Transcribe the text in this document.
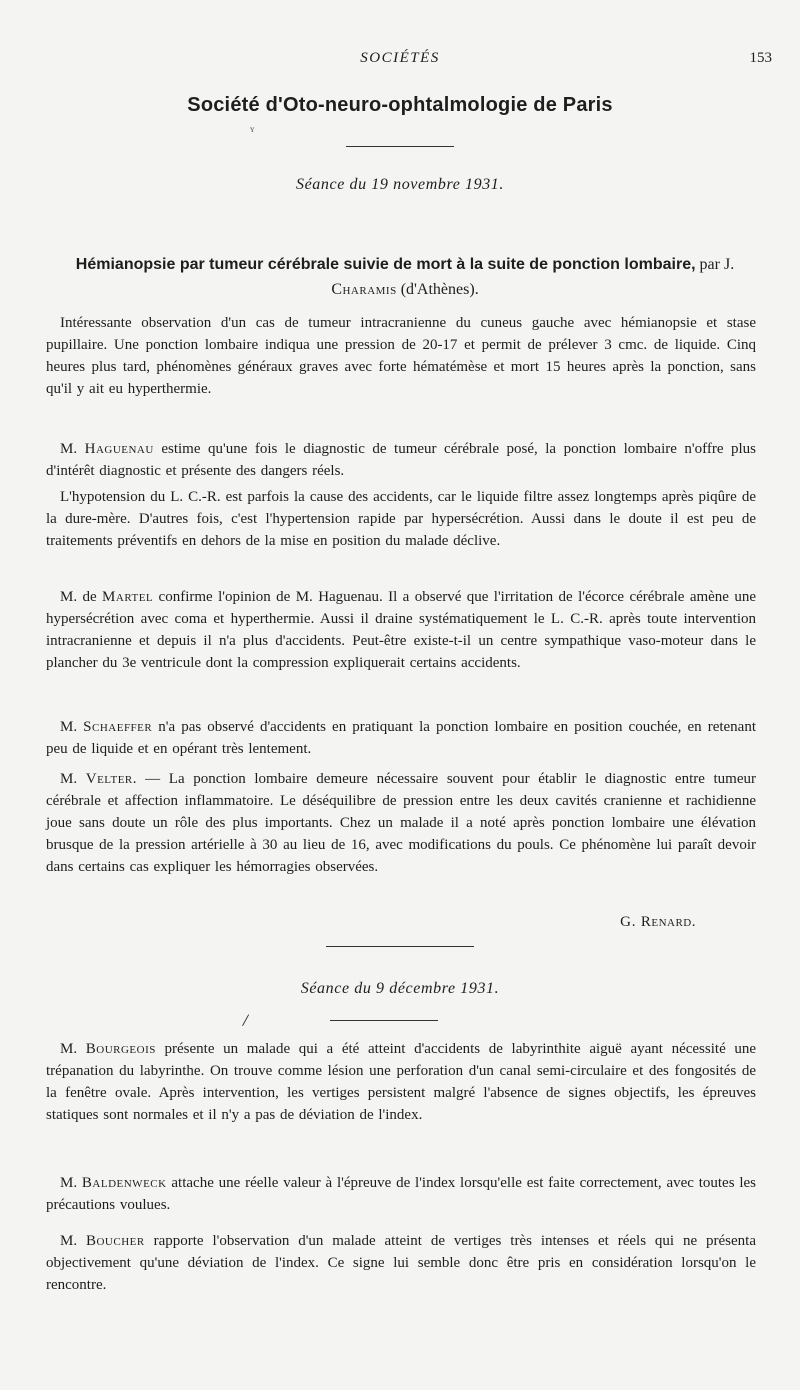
SOCIÉTÉS	153
Société d'Oto-neuro-ophtalmologie de Paris
ʏ
Séance du 19 novembre 1931.
Hémianopsie par tumeur cérébrale suivie de mort à la suite de ponction lombaire, par J. Charamis (d'Athènes).

Intéressante observation d'un cas de tumeur intracranienne du cuneus gauche avec hémianopsie et stase pupillaire. Une ponction lombaire indiqua une pression de 20-17 et permit de prélever 3 cmc. de liquide. Cinq heures plus tard, phénomènes généraux graves avec forte hématémèse et mort 15 heures après la ponction, sans qu'il y ait eu hyperthermie.

M. Haguenau estime qu'une fois le diagnostic de tumeur cérébrale posé, la ponction lombaire n'offre plus d'intérêt diagnostic et présente des dangers réels.

L'hypotension du L. C.-R. est parfois la cause des accidents, car le liquide filtre assez longtemps après piqûre de la dure-mère. D'autres fois, c'est l'hypertension rapide par hypersécrétion. Aussi dans le doute il est peu de traitements préventifs en dehors de la mise en position du malade déclive.

M. de Martel confirme l'opinion de M. Haguenau. Il a observé que l'irritation de l'écorce cérébrale amène une hypersécrétion avec coma et hyperthermie. Aussi il draine systématiquement le L. C.-R. après toute intervention intracranienne et depuis il n'a plus d'accidents. Peut-être existe-t-il un centre sympathique vaso-moteur dans le plancher du 3e ventricule dont la compression expliquerait certains accidents.

M. Schaeffer n'a pas observé d'accidents en pratiquant la ponction lombaire en position couchée, en retenant peu de liquide et en opérant très lentement.

M. Velter. — La ponction lombaire demeure nécessaire souvent pour établir le diagnostic entre tumeur cérébrale et affection inflammatoire. Le déséquilibre de pression entre les deux cavités cranienne et rachidienne joue sans doute un rôle des plus importants. Chez un malade il a noté après ponction lombaire une élévation brusque de la pression artérielle à 30 au lieu de 16, avec modifications du pouls. Ce phénomène lui paraît devoir dans certains cas expliquer les hémorragies observées.

G. Renard.
Séance du 9 décembre 1931.
/

M. Bourgeois présente un malade qui a été atteint d'accidents de labyrinthite aiguë ayant nécessité une trépanation du labyrinthe. On trouve comme lésion une perforation d'un canal semi-circulaire et des fongosités de la fenêtre ovale. Après intervention, les vertiges persistent malgré l'absence de signes objectifs, les épreuves statiques sont normales et il n'y a pas de déviation de l'index.

M. Baldenweck attache une réelle valeur à l'épreuve de l'index lorsqu'elle est faite correctement, avec toutes les précautions voulues.

M. Boucher rapporte l'observation d'un malade atteint de vertiges très intenses et réels qui ne présenta objectivement qu'une déviation de l'index. Ce signe lui semble donc être pris en considération lorsqu'on le rencontre.
